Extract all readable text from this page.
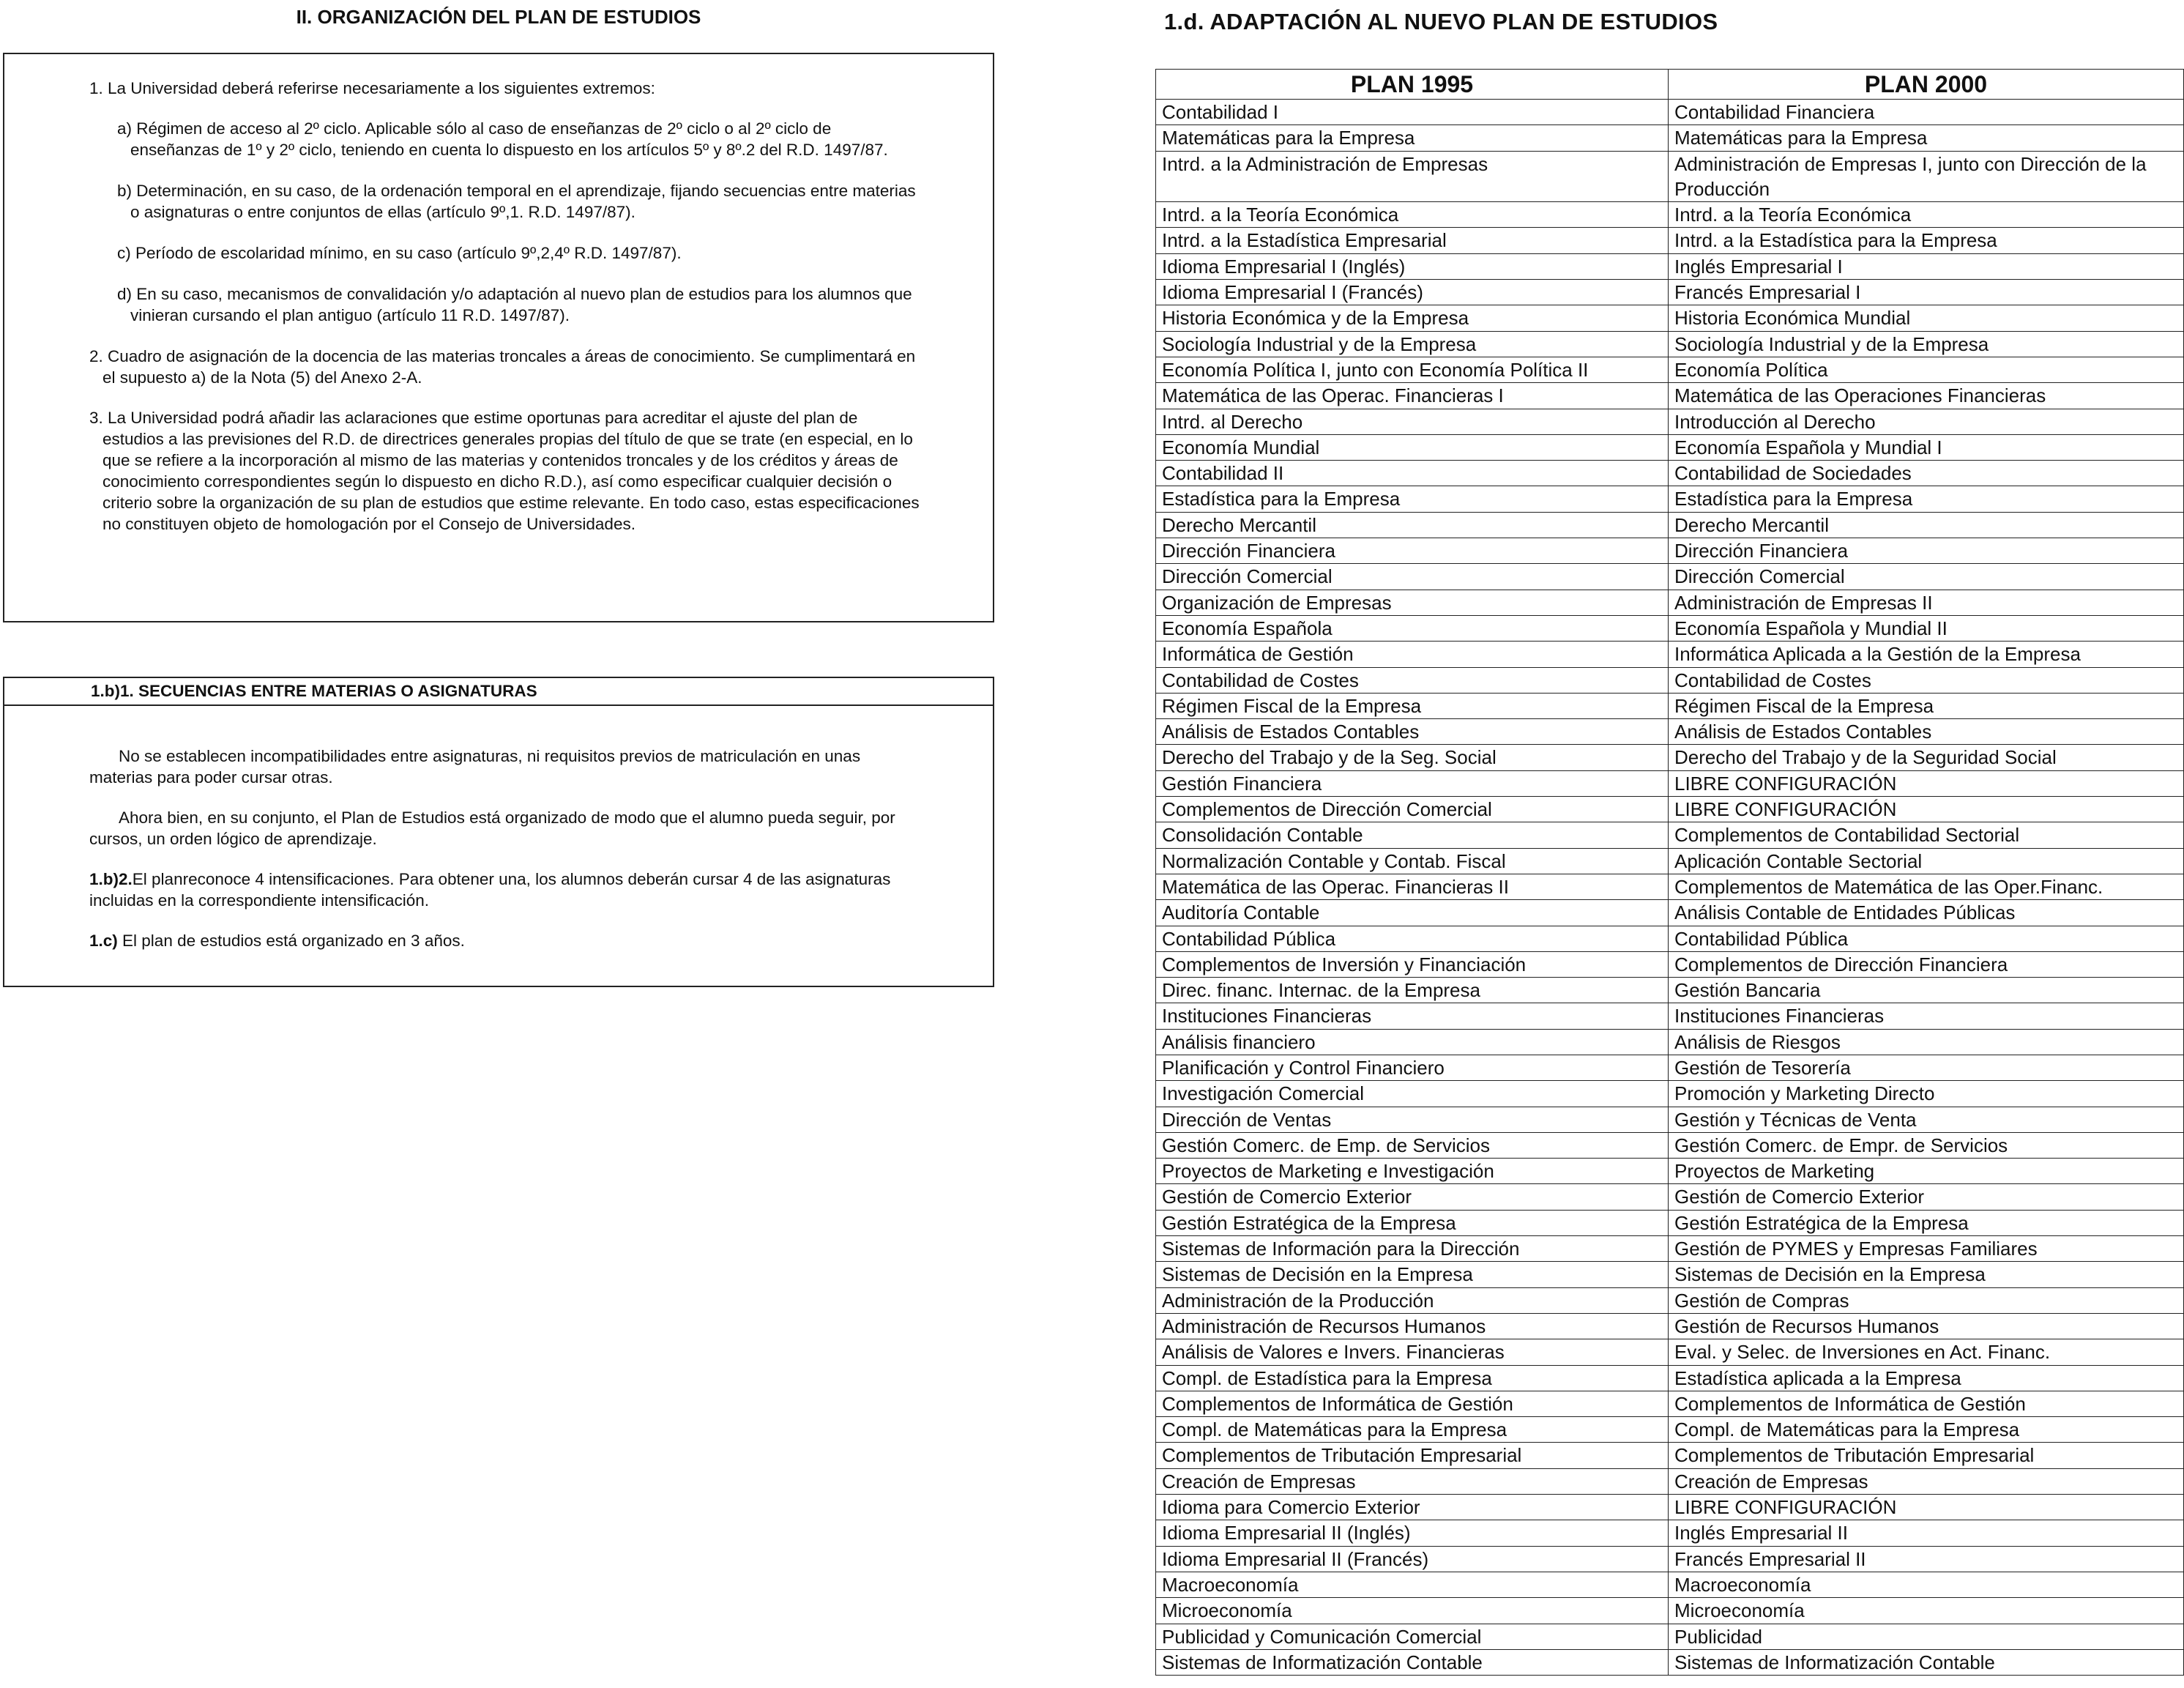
II. ORGANIZACIÓN DEL PLAN DE ESTUDIOS

1. La Universidad deberá referirse necesariamente a los siguientes extremos:

a) Régimen de acceso al 2º ciclo. Aplicable sólo al caso de enseñanzas de 2º ciclo o al 2º ciclo de enseñanzas de 1º y 2º ciclo, teniendo en cuenta lo dispuesto en los artículos 5º y 8º.2 del R.D. 1497/87.

b) Determinación, en su caso, de la ordenación temporal en el aprendizaje, fijando secuencias entre materias o asignaturas o entre conjuntos de ellas (artículo 9º,1. R.D. 1497/87).

c) Período de escolaridad mínimo, en su caso (artículo 9º,2,4º R.D. 1497/87).

d) En su caso, mecanismos de convalidación y/o adaptación al nuevo plan de estudios para los alumnos que vinieran cursando el plan antiguo (artículo 11 R.D. 1497/87).

2. Cuadro de asignación de la docencia de las materias troncales a áreas de conocimiento. Se cumplimentará en el supuesto a) de la Nota (5) del Anexo 2-A.

3. La Universidad podrá añadir las aclaraciones que estime oportunas para acreditar el ajuste del plan de estudios a las previsiones del R.D. de directrices generales propias del título de que se trate (en especial, en lo que se refiere a la incorporación al mismo de las materias y contenidos troncales y de los créditos y áreas de conocimiento correspondientes según lo dispuesto en dicho R.D.), así como especificar cualquier decisión o criterio sobre la organización de su plan de estudios que estime relevante. En todo caso, estas especificaciones no constituyen objeto de homologación por el Consejo de Universidades.

1.b)1. SECUENCIAS ENTRE MATERIAS O ASIGNATURAS

No se establecen incompatibilidades entre asignaturas, ni requisitos previos de matriculación en unas materias para poder cursar otras.

Ahora bien, en su conjunto, el Plan de Estudios está organizado de modo que el alumno pueda seguir, por cursos, un orden lógico de aprendizaje.

1.b)2.El planreconoce 4 intensificaciones. Para obtener una, los alumnos deberán cursar 4 de las asignaturas incluidas en la correspondiente intensificación.

1.c) El plan de estudios está organizado en 3 años.

1.d. ADAPTACIÓN AL NUEVO PLAN DE ESTUDIOS
PLAN 1995	PLAN 2000
Contabilidad I	Contabilidad Financiera
Matemáticas para la Empresa	Matemáticas para la Empresa
Intrd. a la Administración de Empresas	Administración de Empresas I, junto con Dirección de la Producción
Intrd. a la Teoría Económica	Intrd. a la Teoría Económica
Intrd. a la Estadística Empresarial	Intrd. a la Estadística para la Empresa
Idioma Empresarial I (Inglés)	Inglés Empresarial I
Idioma Empresarial I (Francés)	Francés Empresarial I
Historia Económica y de la Empresa	Historia Económica Mundial
Sociología Industrial y de la Empresa	Sociología Industrial y de la Empresa
Economía Política I, junto con Economía Política II	Economía Política
Matemática de las Operac. Financieras I	Matemática de las Operaciones Financieras
Intrd. al Derecho	Introducción al Derecho
Economía Mundial	Economía Española y Mundial I
Contabilidad II	Contabilidad de Sociedades
Estadística para la Empresa	Estadística para la Empresa
Derecho Mercantil	Derecho Mercantil
Dirección Financiera	Dirección Financiera
Dirección Comercial	Dirección Comercial
Organización de Empresas	Administración de Empresas II
Economía Española	Economía Española y Mundial II
Informática de Gestión	Informática Aplicada a la Gestión de la Empresa
Contabilidad de Costes	Contabilidad de Costes
Régimen Fiscal de la Empresa	Régimen Fiscal de la Empresa
Análisis de Estados Contables	Análisis de Estados Contables
Derecho del Trabajo y de la Seg. Social	Derecho del Trabajo y de la Seguridad Social
Gestión Financiera	LIBRE CONFIGURACIÓN
Complementos de Dirección Comercial	LIBRE CONFIGURACIÓN
Consolidación Contable	Complementos de Contabilidad Sectorial
Normalización Contable y Contab. Fiscal	Aplicación Contable Sectorial
Matemática de las Operac. Financieras II	Complementos de Matemática de las Oper.Financ.
Auditoría Contable	Análisis Contable de Entidades Públicas
Contabilidad Pública	Contabilidad Pública
Complementos de Inversión y Financiación	Complementos de Dirección Financiera
Direc. financ. Internac. de la Empresa	Gestión Bancaria
Instituciones Financieras	Instituciones Financieras
Análisis financiero	Análisis de Riesgos
Planificación y Control Financiero	Gestión de Tesorería
Investigación Comercial	Promoción y Marketing Directo
Dirección de Ventas	Gestión y Técnicas de Venta
Gestión Comerc. de Emp. de Servicios	Gestión Comerc. de Empr. de Servicios
Proyectos de Marketing e Investigación	Proyectos de Marketing
Gestión de Comercio Exterior	Gestión de Comercio Exterior
Gestión Estratégica de la Empresa	Gestión Estratégica de la Empresa
Sistemas de Información para la Dirección	Gestión de PYMES y Empresas Familiares
Sistemas de Decisión en la Empresa	Sistemas de Decisión en la Empresa
Administración de la Producción	Gestión de Compras
Administración de Recursos Humanos	Gestión de Recursos Humanos
Análisis de Valores e Invers. Financieras	Eval. y Selec. de Inversiones en Act. Financ.
Compl. de Estadística para la Empresa	Estadística aplicada a la Empresa
Complementos de Informática de Gestión	Complementos de Informática de Gestión
Compl. de Matemáticas para la Empresa	Compl. de Matemáticas para la Empresa
Complementos de Tributación Empresarial	Complementos de Tributación Empresarial
Creación de Empresas	Creación de Empresas
Idioma para Comercio Exterior	LIBRE CONFIGURACIÓN
Idioma Empresarial II (Inglés)	Inglés Empresarial II
Idioma Empresarial II (Francés)	Francés Empresarial II
Macroeconomía	Macroeconomía
Microeconomía	Microeconomía
Publicidad y Comunicación Comercial	Publicidad
Sistemas de Informatización Contable	Sistemas de Informatización Contable
